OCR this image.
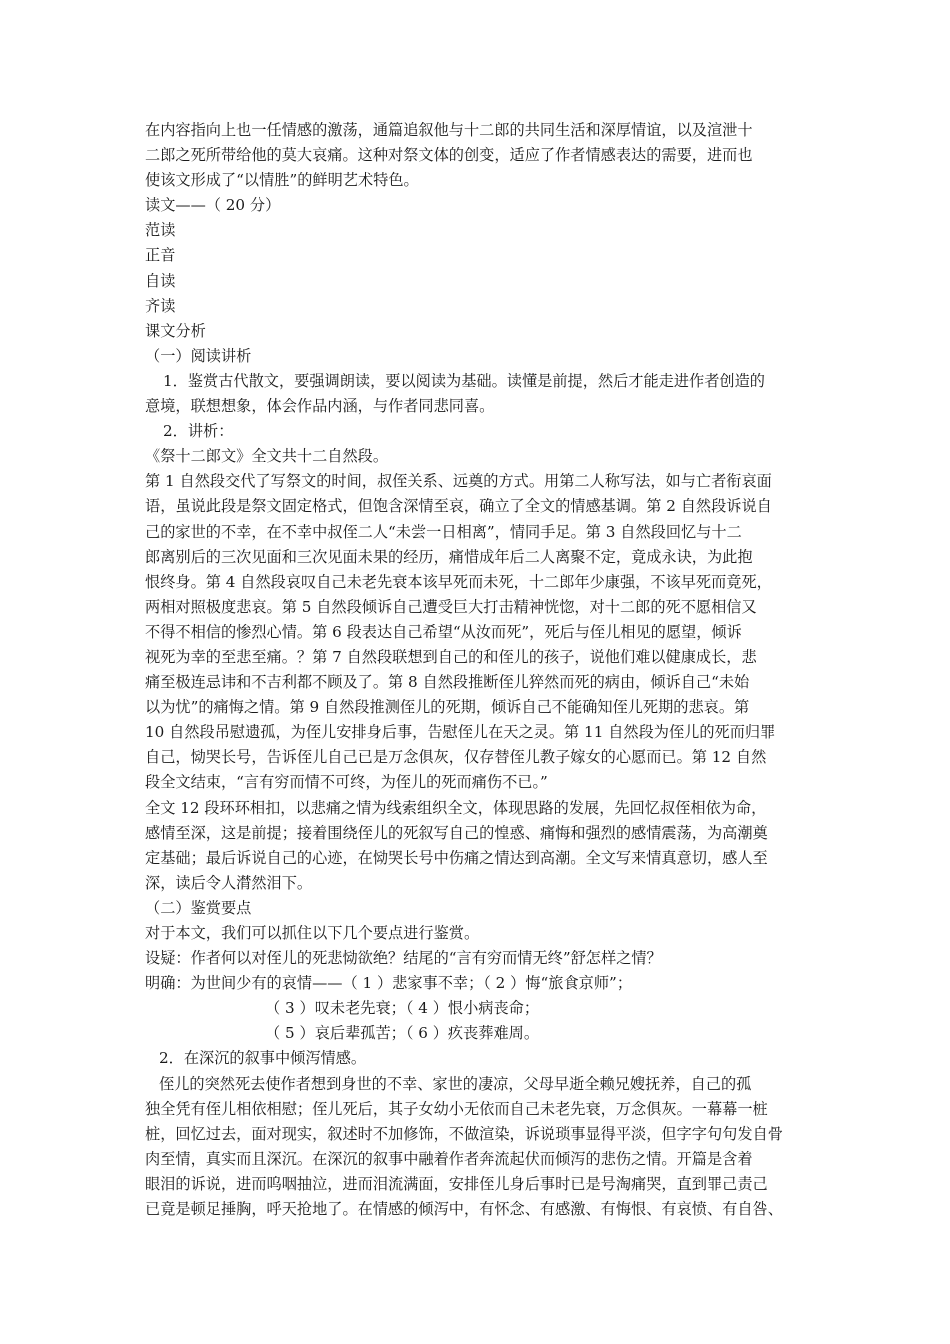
在内容指向上也一任情感的激荡，通篇追叙他与十二郎的共同生活和深厚情谊，以及渲泄十
二郎之死所带给他的莫大哀痛。这种对祭文体的创变，适应了作者情感表达的需要，进而也
使该文形成了“以情胜”的鲜明艺术特色。
读文——（ 20 分）
范读
正音
自读
齐读
课文分析
（一）阅读讲析
1．鉴赏古代散文，要强调朗读，要以阅读为基础。读懂是前提，然后才能走进作者创造的
意境，联想想象，体会作品内涵，与作者同悲同喜。
2．讲析：
《祭十二郎文》全文共十二自然段。
第 1 自然段交代了写祭文的时间，叔侄关系、远奠的方式。用第二人称写法，如与亡者衔哀面
语，虽说此段是祭文固定格式，但饱含深情至哀，确立了全文的情感基调。第 2 自然段诉说自
己的家世的不幸，在不幸中叔侄二人“未尝一日相离”，情同手足。第 3 自然段回忆与十二
郎离别后的三次见面和三次见面未果的经历，痛惜成年后二人离聚不定，竟成永诀，为此抱
恨终身。第 4 自然段哀叹自己未老先衰本该早死而未死，十二郎年少康强，不该早死而竟死，
两相对照极度悲哀。第 5 自然段倾诉自己遭受巨大打击精神恍惚，对十二郎的死不愿相信又
不得不相信的惨烈心情。第 6 段表达自己希望“从汝而死”，死后与侄儿相见的愿望，倾诉
视死为幸的至悲至痛。？第 7 自然段联想到自己的和侄儿的孩子，说他们难以健康成长，悲
痛至极连忌讳和不吉利都不顾及了。第 8 自然段推断侄儿猝然而死的病由，倾诉自己“未始
以为忧”的痛悔之情。第 9 自然段推测侄儿的死期，倾诉自己不能确知侄儿死期的悲哀。第
10 自然段吊慰遗孤，为侄儿安排身后事，告慰侄儿在天之灵。第 11 自然段为侄儿的死而归罪
自己，恸哭长号，告诉侄儿自己已是万念俱灰，仅存替侄儿教子嫁女的心愿而已。第 12 自然
段全文结束，“言有穷而情不可终，为侄儿的死而痛伤不已。”
全文 12 段环环相扣，以悲痛之情为线索组织全文，体现思路的发展，先回忆叔侄相依为命，
感情至深，这是前提；接着围绕侄儿的死叙写自己的惶惑、痛悔和强烈的感情震荡，为高潮奠
定基础；最后诉说自己的心迹，在恸哭长号中伤痛之情达到高潮。全文写来情真意切，感人至
深，读后令人潸然泪下。
（二）鉴赏要点
对于本文，我们可以抓住以下几个要点进行鉴赏。
设疑：作者何以对侄儿的死悲恸欲绝？结尾的“言有穷而情无终”舒怎样之情？
明确：为世间少有的哀情——（ 1 ）悲家事不幸；（ 2 ）悔“旅食京师”；
（ 3 ）叹未老先衰；（ 4 ）恨小病丧命；
（ 5 ）哀后辈孤苦；（ 6 ）疚丧葬难周。
2．在深沉的叙事中倾泻情感。
侄儿的突然死去使作者想到身世的不幸、家世的凄凉，父母早逝全赖兄嫂抚养，自己的孤
独全凭有侄儿相依相慰；侄儿死后，其子女幼小无依而自己未老先衰，万念俱灰。一幕幕一桩
桩，回忆过去，面对现实，叙述时不加修饰，不做渲染，诉说琐事显得平淡，但字字句句发自骨
肉至情，真实而且深沉。在深沉的叙事中融着作者奔流起伏而倾泻的悲伤之情。开篇是含着
眼泪的诉说，进而呜咽抽泣，进而泪流满面，安排侄儿身后事时已是号淘痛哭，直到罪己责己
已竟是顿足捶胸，呼天抢地了。在情感的倾泻中，有怀念、有感激、有悔恨、有哀愤、有自咎、
